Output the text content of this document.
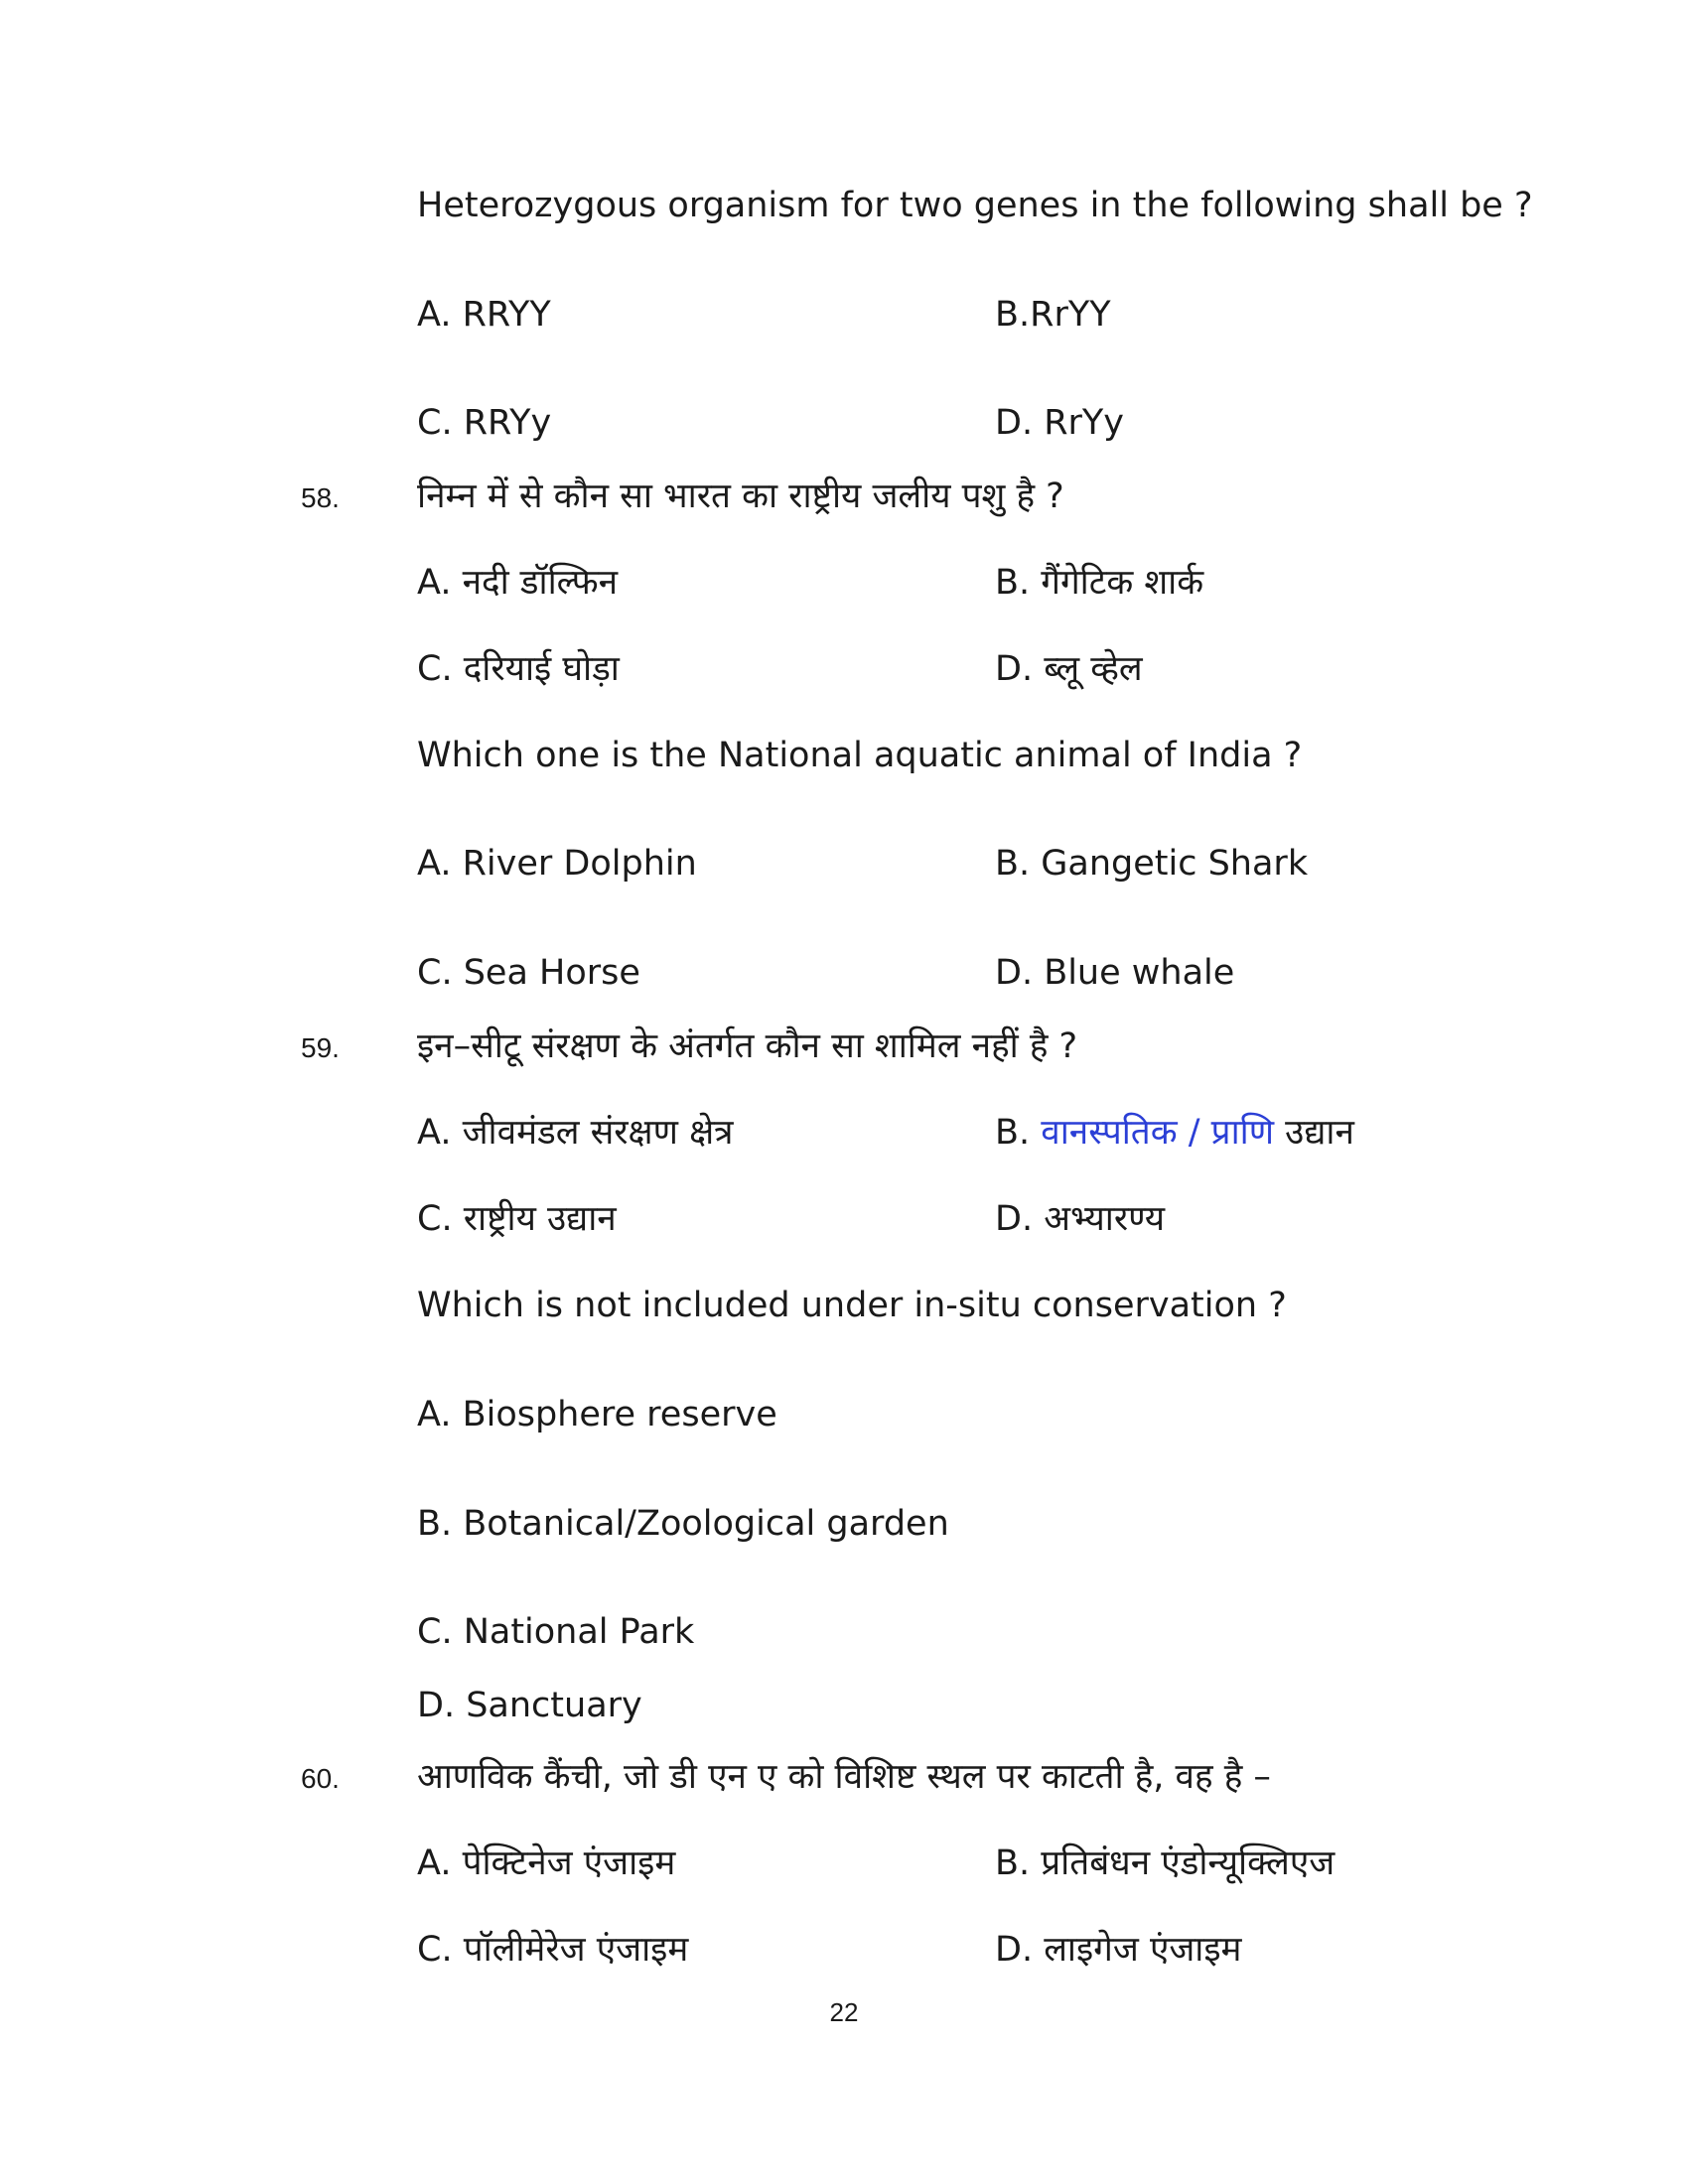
Heterozygous organism for two genes in the following shall be ?
A. RRYY	B.RrYY
C. RRYy	D. RrYy
58. निम्न में से कौन सा भारत का राष्ट्रीय जलीय पशु है ?
A. नदी डॉल्फिन	B. गैंगेटिक शार्क
C. दरियाई घोड़ा	D. ब्लू व्हेल
Which one is the National aquatic animal of India ?
A. River Dolphin	B. Gangetic Shark
C. Sea Horse	D. Blue whale
59. इन–सीटू संरक्षण के अंतर्गत कौन सा शामिल नहीं है ?
A. जीवमंडल संरक्षण क्षेत्र	B. वानस्पतिक / प्राणि उद्यान
C. राष्ट्रीय उद्यान	D. अभ्यारण्य
Which is not included under in-situ conservation ?
A. Biosphere reserve
B. Botanical/Zoological garden
C. National Park
D. Sanctuary
60. आणविक कैंची, जो डी एन ए को विशिष्ट स्थल पर काटती है, वह है –
A. पेक्टिनेज एंजाइम	B. प्रतिबंधन एंडोन्यूक्लिएज
C. पॉलीमेरेज एंजाइम	D. लाइगेज एंजाइम
22
